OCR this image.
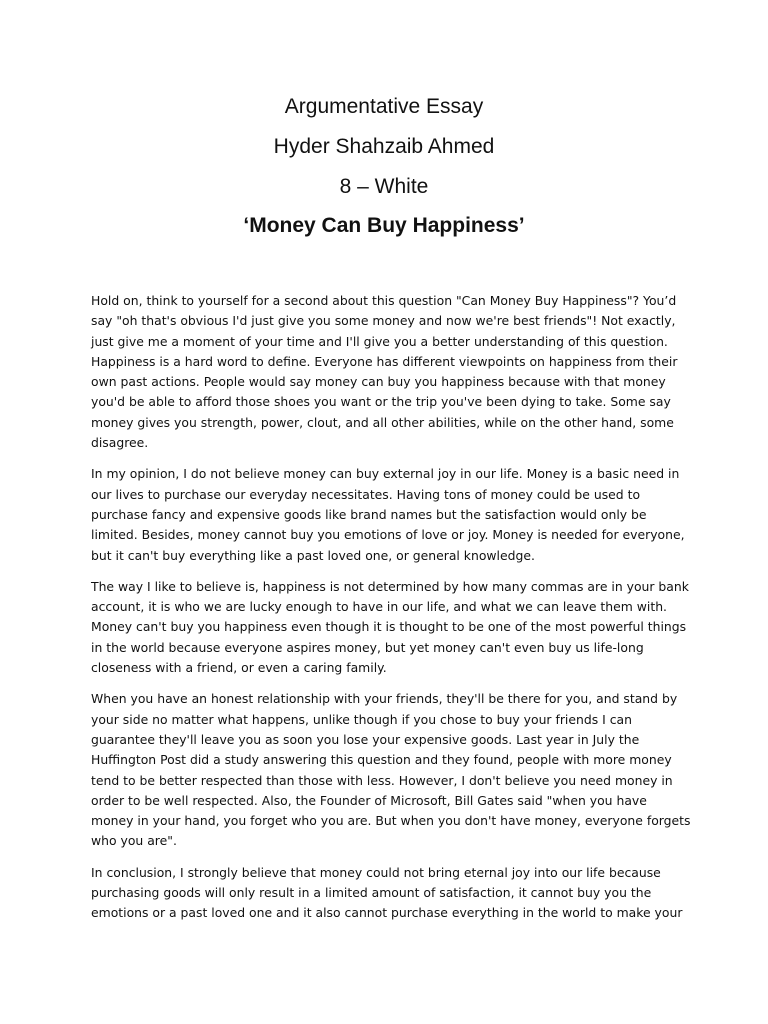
Argumentative Essay
Hyder Shahzaib Ahmed
8 – White
‘Money Can Buy Happiness’

Hold on, think to yourself for a second about this question "Can Money Buy Happiness"? You’d say "oh that's obvious I'd just give you some money and now we're best friends"! Not exactly, just give me a moment of your time and I'll give you a better understanding of this question. Happiness is a hard word to define. Everyone has different viewpoints on happiness from their own past actions. People would say money can buy you happiness because with that money you'd be able to afford those shoes you want or the trip you've been dying to take. Some say money gives you strength, power, clout, and all other abilities, while on the other hand, some disagree.

In my opinion, I do not believe money can buy external joy in our life. Money is a basic need in our lives to purchase our everyday necessitates. Having tons of money could be used to purchase fancy and expensive goods like brand names but the satisfaction would only be limited. Besides, money cannot buy you emotions of love or joy. Money is needed for everyone, but it can't buy everything like a past loved one, or general knowledge.

The way I like to believe is, happiness is not determined by how many commas are in your bank account, it is who we are lucky enough to have in our life, and what we can leave them with. Money can't buy you happiness even though it is thought to be one of the most powerful things in the world because everyone aspires money, but yet money can't even buy us life-long closeness with a friend, or even a caring family.

When you have an honest relationship with your friends, they'll be there for you, and stand by your side no matter what happens, unlike though if you chose to buy your friends I can guarantee they'll leave you as soon you lose your expensive goods. Last year in July the Huffington Post did a study answering this question and they found, people with more money tend to be better respected than those with less. However, I don't believe you need money in order to be well respected. Also, the Founder of Microsoft, Bill Gates said "when you have money in your hand, you forget who you are. But when you don't have money, everyone forgets who you are".

In conclusion, I strongly believe that money could not bring eternal joy into our life because purchasing goods will only result in a limited amount of satisfaction, it cannot buy you the emotions or a past loved one and it also cannot purchase everything in the world to make your
